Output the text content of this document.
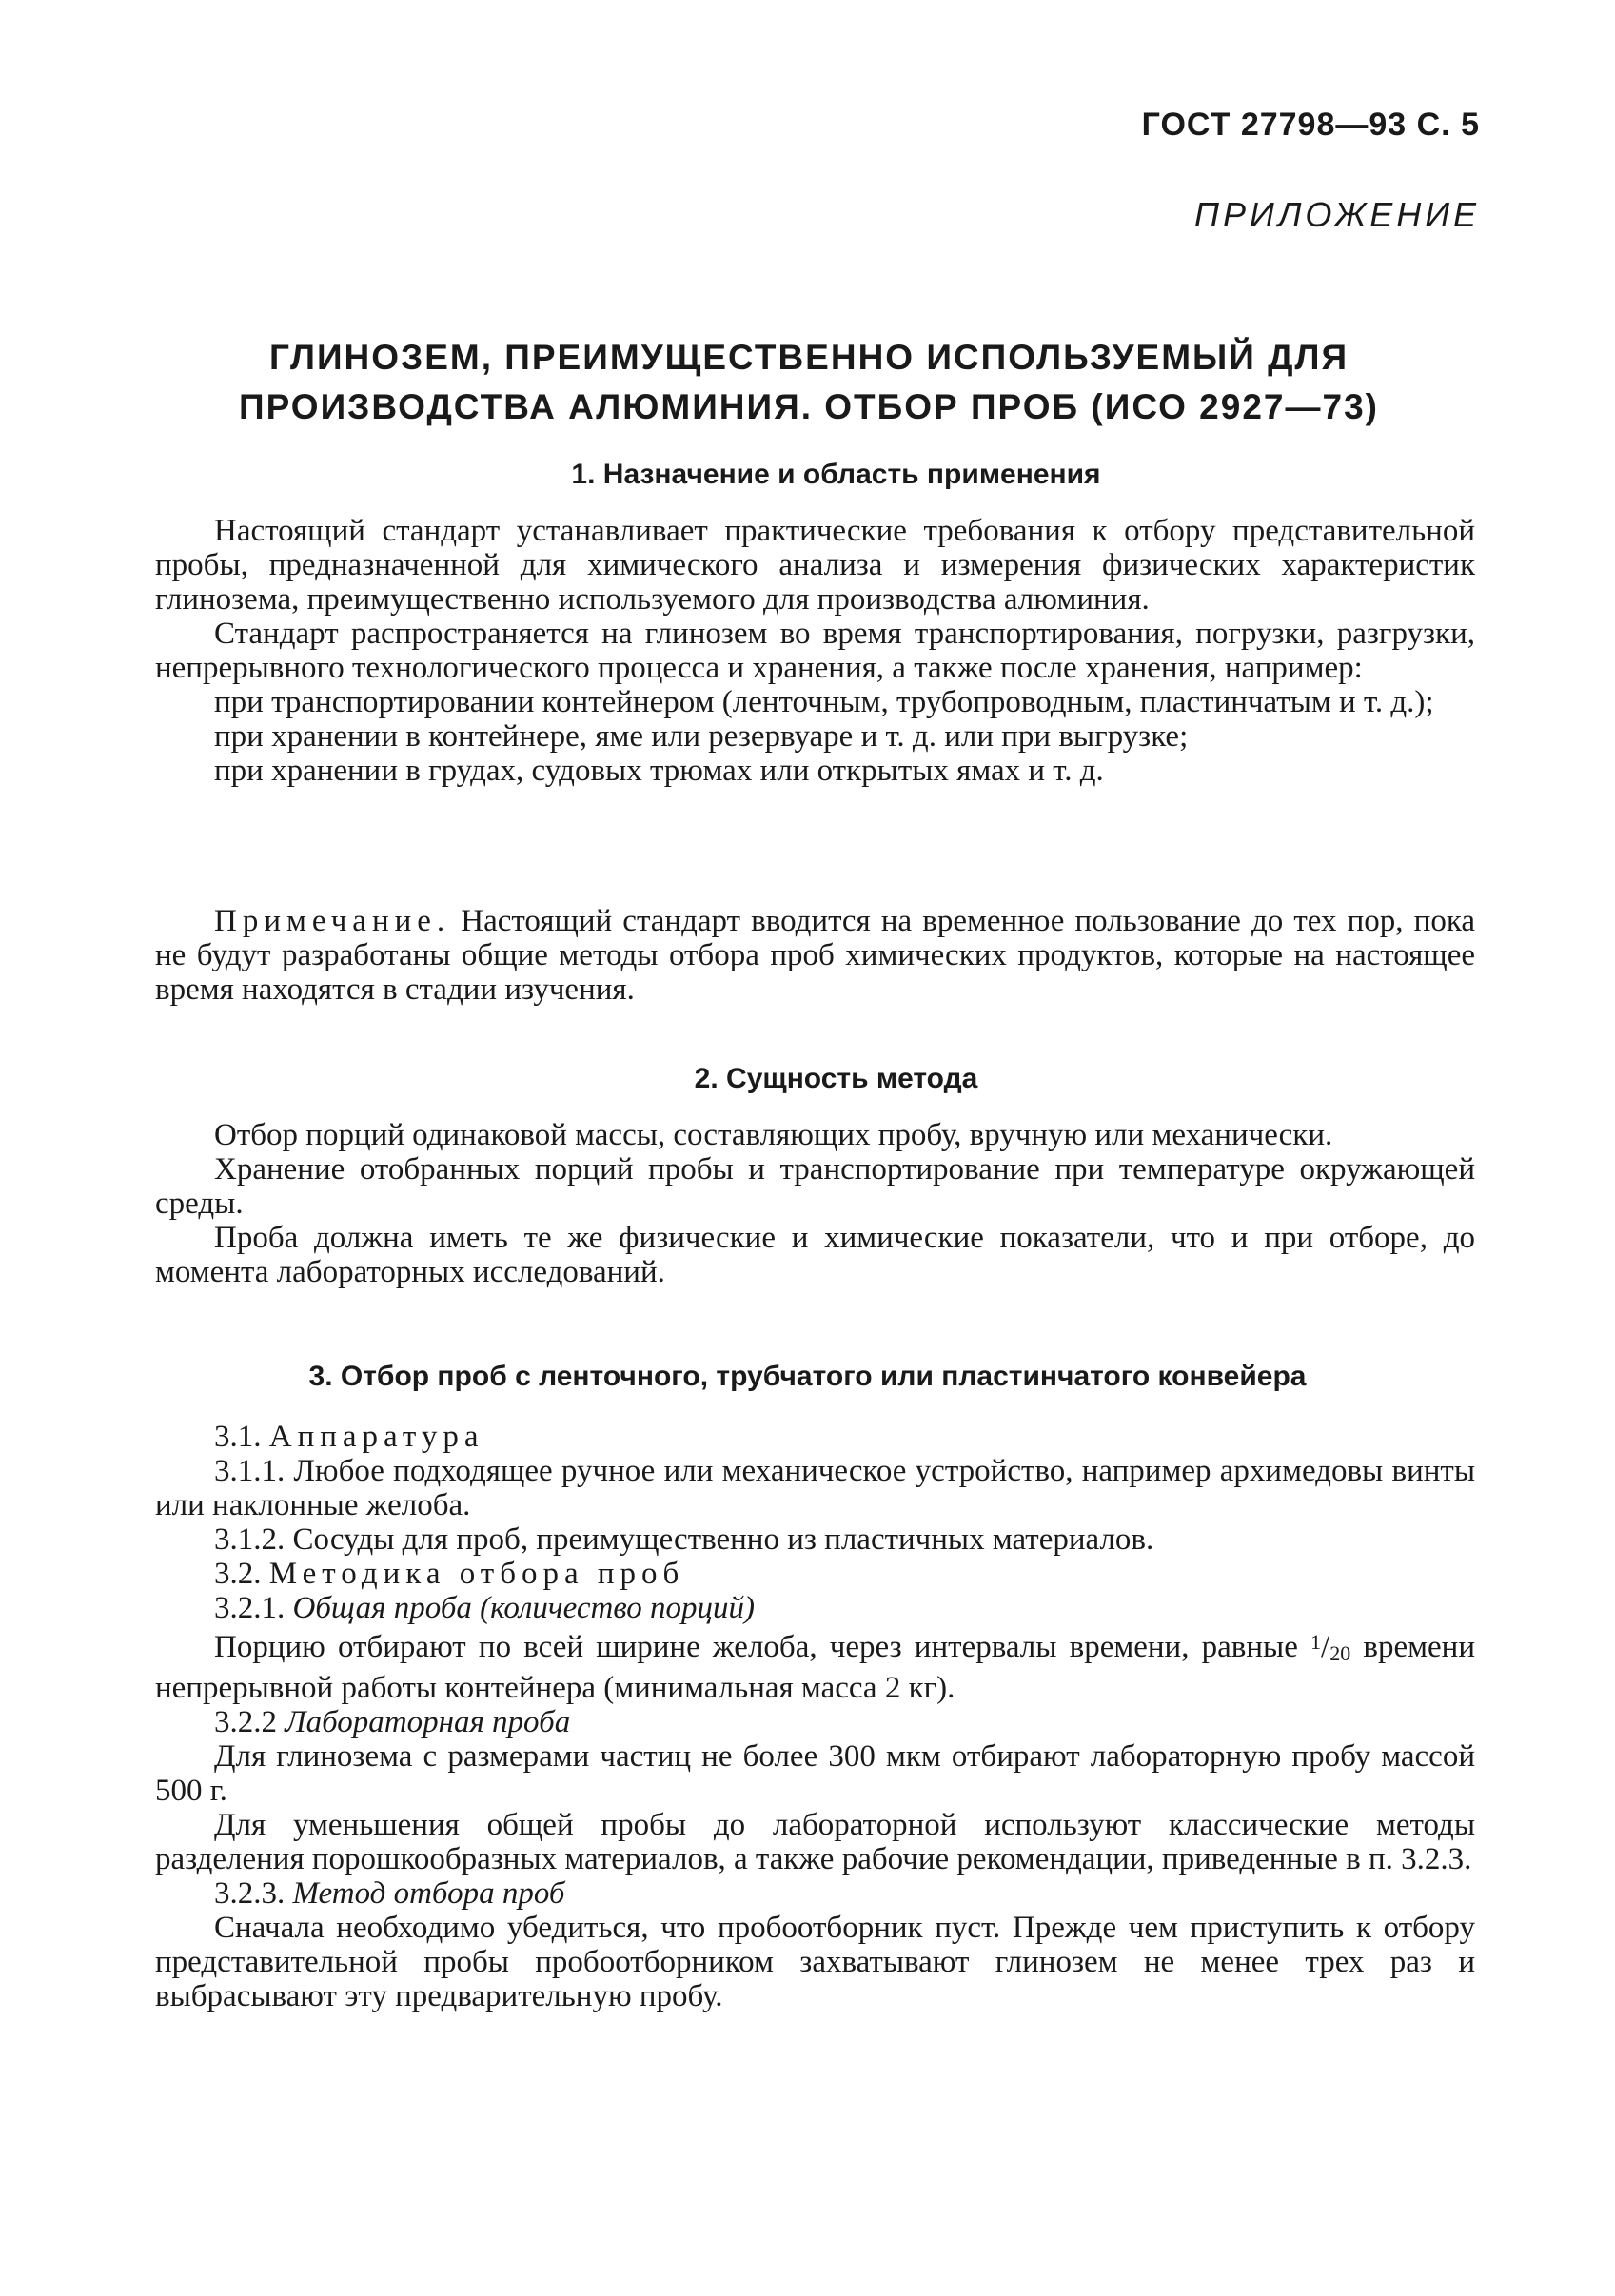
ГОСТ 27798—93 С. 5
ПРИЛОЖЕНИЕ
ГЛИНОЗЕМ, ПРЕИМУЩЕСТВЕННО ИСПОЛЬЗУЕМЫЙ ДЛЯ
ПРОИЗВОДСТВА АЛЮМИНИЯ. ОТБОР ПРОБ (ИСО 2927—73)
1. Назначение и область применения

Настоящий стандарт устанавливает практические требования к отбору представительной пробы, предназначенной для химического анализа и измерения физических характеристик глинозема, преимущественно используемого для производства алюминия.

Стандарт распространяется на глинозем во время транспортирования, погрузки, разгрузки, непрерывного технологического процесса и хранения, а также после хранения, например:

при транспортировании контейнером (ленточным, трубопроводным, пластинчатым и т. д.);

при хранении в контейнере, яме или резервуаре и т. д. или при выгрузке;

при хранении в грудах, судовых трюмах или открытых ямах и т. д.

Примечание. Настоящий стандарт вводится на временное пользование до тех пор, пока не будут разработаны общие методы отбора проб химических продуктов, которые на настоящее время находятся в стадии изучения.

2. Сущность метода

Отбор порций одинаковой массы, составляющих пробу, вручную или механически.

Хранение отобранных порций пробы и транспортирование при температуре окружающей среды.

Проба должна иметь те же физические и химические показатели, что и при отборе, до момента лабораторных исследований.

3. Отбор проб с ленточного, трубчатого или пластинчатого конвейера

3.1. Аппаратура

3.1.1. Любое подходящее ручное или механическое устройство, например архимедовы винты или наклонные желоба.

3.1.2. Сосуды для проб, преимущественно из пластичных материалов.

3.2. Методика отбора проб

3.2.1. Общая проба (количество порций)

Порцию отбирают по всей ширине желоба, через интервалы времени, равные $^1$/20 времени непрерывной работы контейнера (минимальная масса 2 кг).

3.2.2 Лабораторная проба

Для глинозема с размерами частиц не более 300 мкм отбирают лабораторную пробу массой 500 г.

Для уменьшения общей пробы до лабораторной используют классические методы разделения порошкообразных материалов, а также рабочие рекомендации, приведенные в п. 3.2.3.

3.2.3. Метод отбора проб

Сначала необходимо убедиться, что пробоотборник пуст. Прежде чем приступить к отбору представительной пробы пробоотборником захватывают глинозем не менее трех раз и выбрасывают эту предварительную пробу.
